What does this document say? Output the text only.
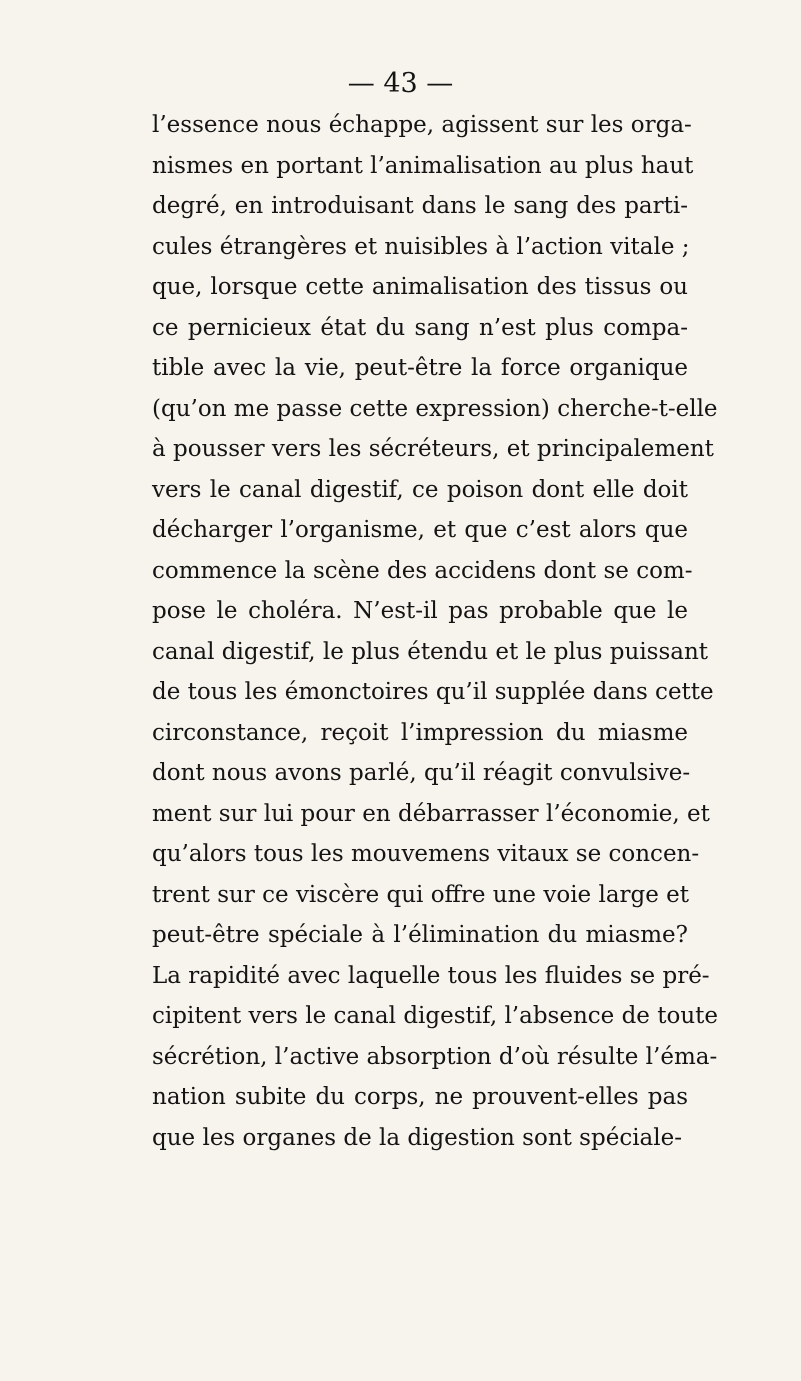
— 43 —
l’essence nous échappe, agissent sur les orga-
nismes en portant l’animalisation au plus haut
degré, en introduisant dans le sang des parti-
cules étrangères et nuisibles à l’action vitale ;
que, lorsque cette animalisation des tissus ou
ce pernicieux état du sang n’est plus compa-
tible avec la vie, peut-être la force organique
(qu’on me passe cette expression) cherche-t-elle
à pousser vers les sécréteurs, et principalement
vers le canal digestif, ce poison dont elle doit
décharger l’organisme, et que c’est alors que
commence la scène des accidens dont se com-
pose le choléra. N’est-il pas probable que le
canal digestif, le plus étendu et le plus puissant
de tous les émonctoires qu’il supplée dans cette
circonstance, reçoit l’impression du miasme
dont nous avons parlé, qu’il réagit convulsive-
ment sur lui pour en débarrasser l’économie, et
qu’alors tous les mouvemens vitaux se concen-
trent sur ce viscère qui offre une voie large et
peut-être spéciale à l’élimination du miasme?
La rapidité avec laquelle tous les fluides se pré-
cipitent vers le canal digestif, l’absence de toute
sécrétion, l’active absorption d’où résulte l’éma-
nation subite du corps, ne prouvent-elles pas
que les organes de la digestion sont spéciale-
